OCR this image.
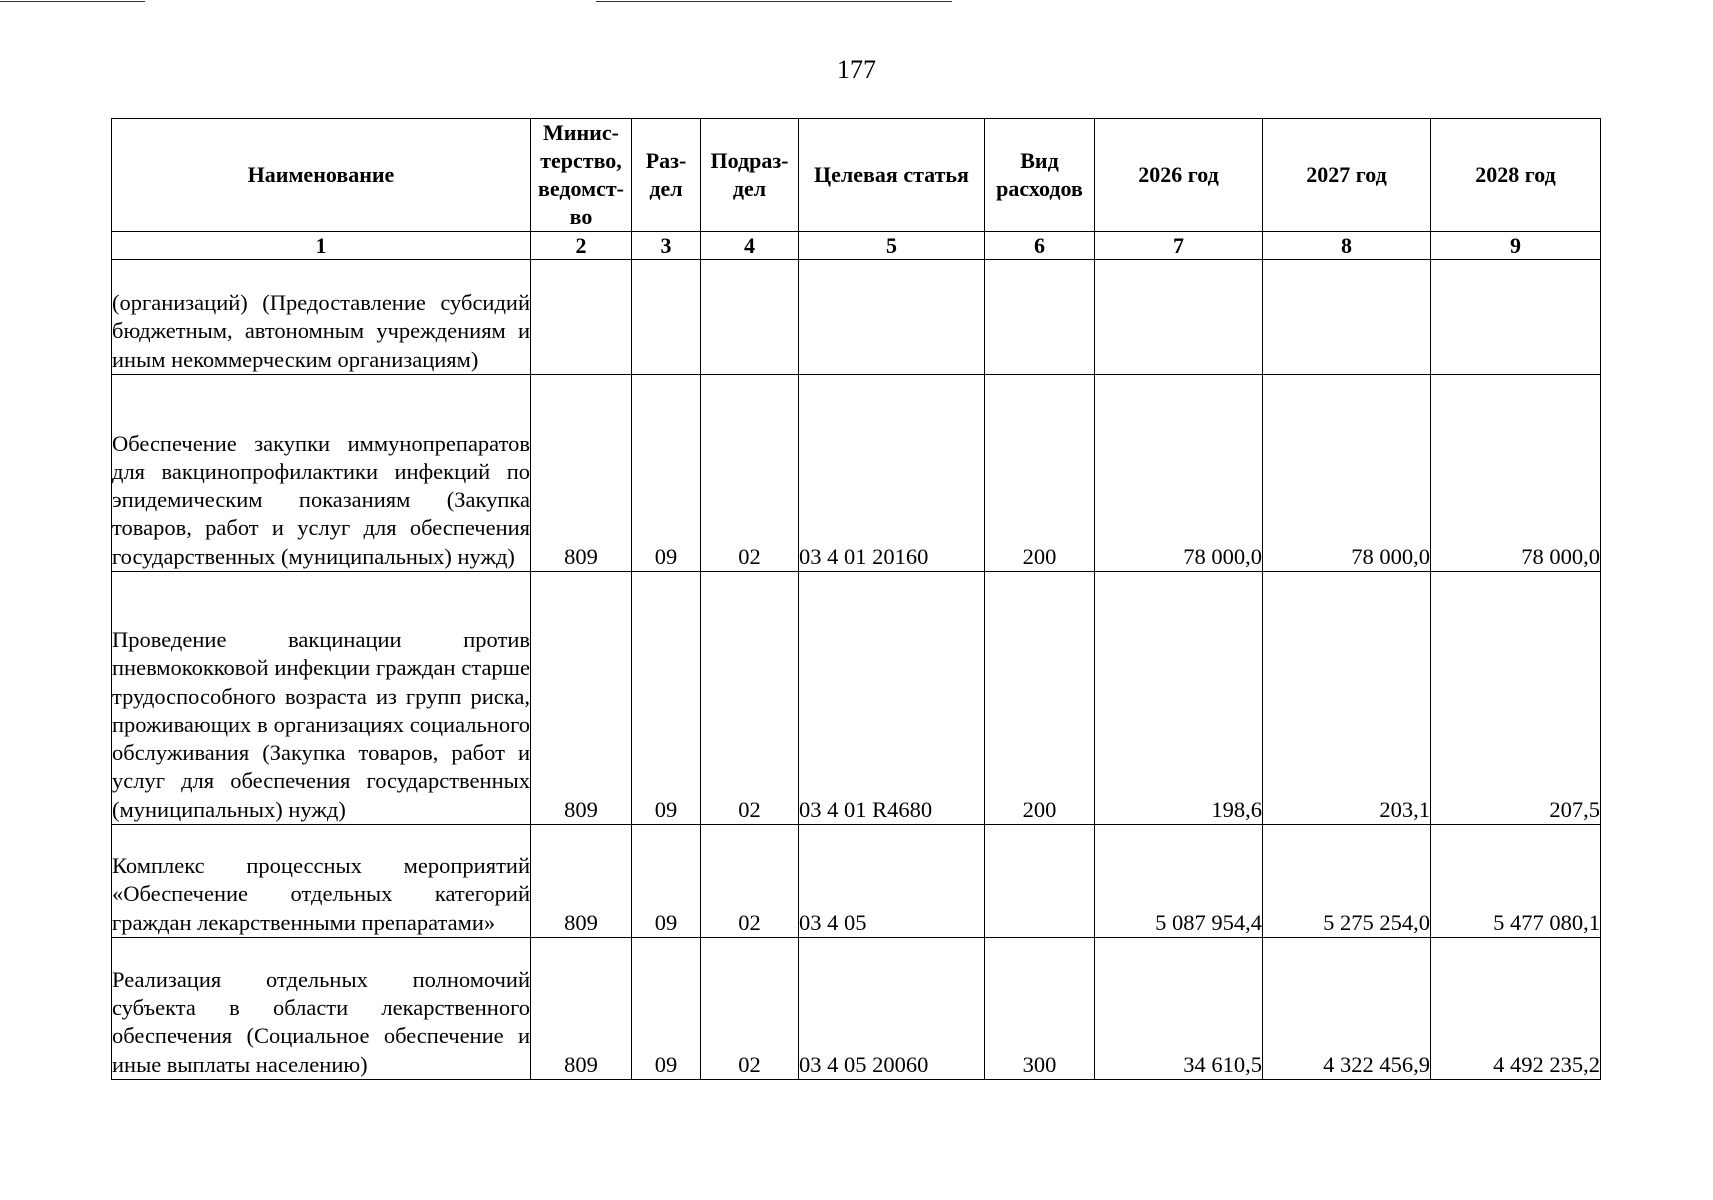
177
Наименование	Минис-терство, ведомст-во	Раз-дел	Подраз-дел	Целевая статья	Вид расходов	2026 год	2027 год	2028 год
1	2	3	4	5	6	7	8	9
(организаций) (Предоставление субсидий бюджетным, автономным учреждениям и иным некоммерческим организациям)								
Обеспечение закупки иммунопрепаратов для вакцинопрофилактики инфекций по эпидемическим показаниям (Закупка товаров, работ и услуг для обеспечения государственных (муниципальных) нужд)	809	09	02	03 4 01 20160	200	78 000,0	78 000,0	78 000,0
Проведение вакцинации против пневмококковой инфекции граждан старше трудоспособного возраста из групп риска, проживающих в организациях социального обслуживания (Закупка товаров, работ и услуг для обеспечения государственных (муниципальных) нужд)	809	09	02	03 4 01 R4680	200	198,6	203,1	207,5
Комплекс процессных мероприятий «Обеспечение отдельных категорий граждан лекарственными препаратами»	809	09	02	03 4 05		5 087 954,4	5 275 254,0	5 477 080,1
Реализация отдельных полномочий субъекта в области лекарственного обеспечения (Социальное обеспечение и иные выплаты населению)	809	09	02	03 4 05 20060	300	34 610,5	4 322 456,9	4 492 235,2
